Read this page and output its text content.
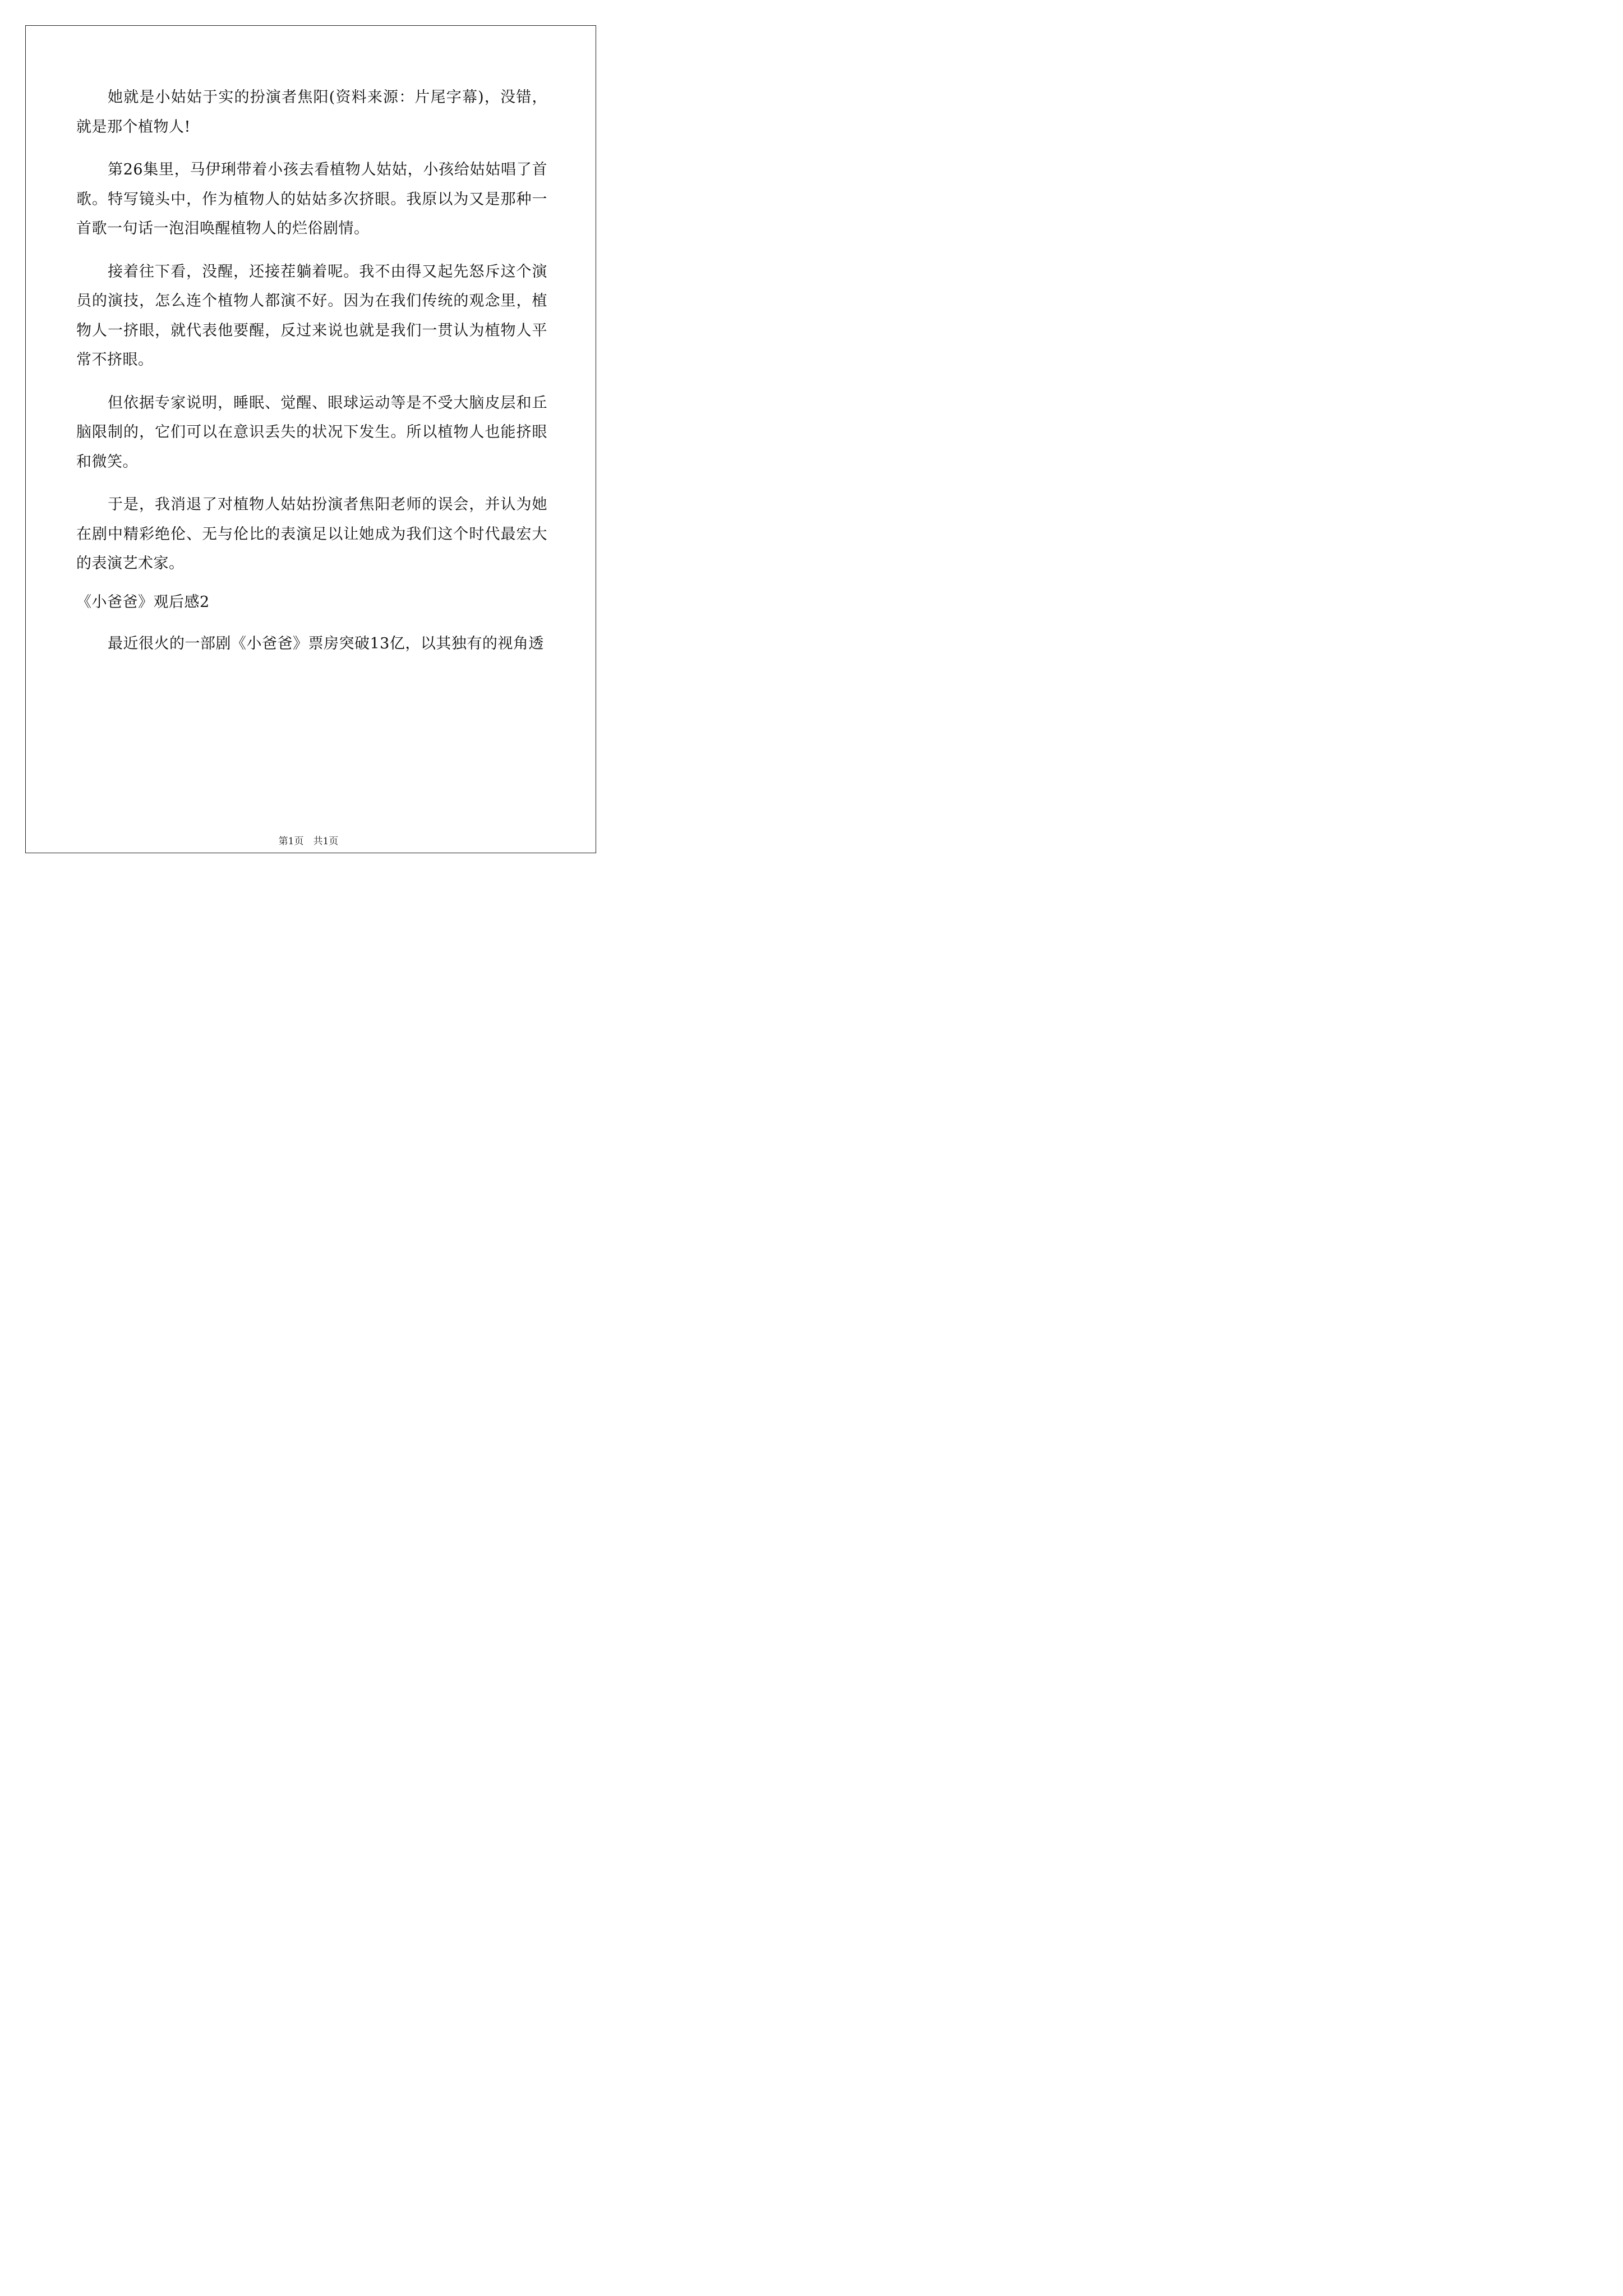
她就是小姑姑于实的扮演者焦阳(资料来源：片尾字幕)，没错，就是那个植物人!

第26集里，马伊琍带着小孩去看植物人姑姑，小孩给姑姑唱了首歌。特写镜头中，作为植物人的姑姑多次挤眼。我原以为又是那种一首歌一句话一泡泪唤醒植物人的烂俗剧情。

接着往下看，没醒，还接茬躺着呢。我不由得又起先怒斥这个演员的演技，怎么连个植物人都演不好。因为在我们传统的观念里，植物人一挤眼，就代表他要醒，反过来说也就是我们一贯认为植物人平常不挤眼。

但依据专家说明，睡眠、觉醒、眼球运动等是不受大脑皮层和丘脑限制的，它们可以在意识丢失的状况下发生。所以植物人也能挤眼和微笑。

于是，我消退了对植物人姑姑扮演者焦阳老师的误会，并认为她在剧中精彩绝伦、无与伦比的表演足以让她成为我们这个时代最宏大的表演艺术家。

《小爸爸》观后感2

最近很火的一部剧《小爸爸》票房突破13亿，以其独有的视角透

第1页　共1页
